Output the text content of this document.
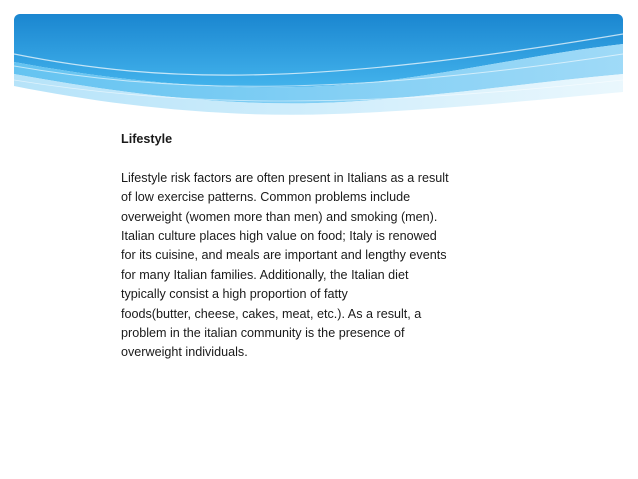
Lifestyle

Lifestyle risk factors are often present in Italians as a result
of low exercise patterns. Common problems include
overweight (women more than men) and smoking (men).
Italian culture places high value on food; Italy is renowed
for its cuisine, and meals are important and lengthy events
for many Italian families. Additionally, the Italian diet
typically consist a high proportion of fatty
foods(butter, cheese, cakes, meat, etc.). As a result, a
problem in the italian community is the presence of
overweight individuals.
